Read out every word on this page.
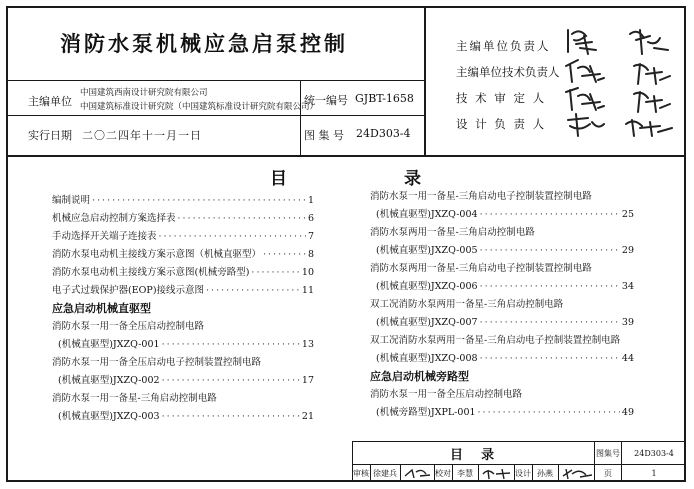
消防水泵机械应急启泵控制
主编单位
中国建筑西南设计研究院有限公司
中国建筑标准设计研究院（中国建筑标准设计研究院有限公司）
统一编号 GJBT-1658
实行日期 二〇二四年十一月一日	图 集 号 24D303-4
主编单位负责人
主编单位技术负责人
技 术 审 定 人
设 计 负 责 人
目	录
编制说明 ·····	1
机械应急启动控制方案选择表 ·····	6
手动选择开关端子连接表 ·····	7
消防水泵电动机主接线方案示意图（机械直驱型） ·····	8
消防水泵电动机主接线方案示意图(机械旁路型) ·····	10
电子式过载保护器(EOP)接线示意图 ·····	11
应急启动机械直驱型
消防水泵一用一备全压启动控制电路
(机械直驱型)JXZQ-001 ·····	13
消防水泵一用一备全压启动电子控制装置控制电路
(机械直驱型)JXZQ-002 ·····	17
消防水泵一用一备星-三角启动控制电路
(机械直驱型)JXZQ-003 ·····	21
消防水泵一用一备星-三角启动电子控制装置控制电路
(机械直驱型)JXZQ-004 ·····	25
消防水泵两用一备星-三角启动控制电路
(机械直驱型)JXZQ-005 ·····	29
消防水泵两用一备星-三角启动电子控制装置控制电路
(机械直驱型)JXZQ-006 ·····	34
双工况消防水泵两用一备星-三角启动控制电路
(机械直驱型)JXZQ-007 ·····	39
双工况消防水泵两用一备星-三角启动电子控制装置控制电路
(机械直驱型)JXZQ-008 ·····	44
应急启动机械旁路型
消防水泵一用一备全压启动控制电路
(机械旁路型)JXPL-001 ·····	49
目    录	图集号	24D303-4
审核 徐建兵	校对 李慧	设计 孙燕	页	1
